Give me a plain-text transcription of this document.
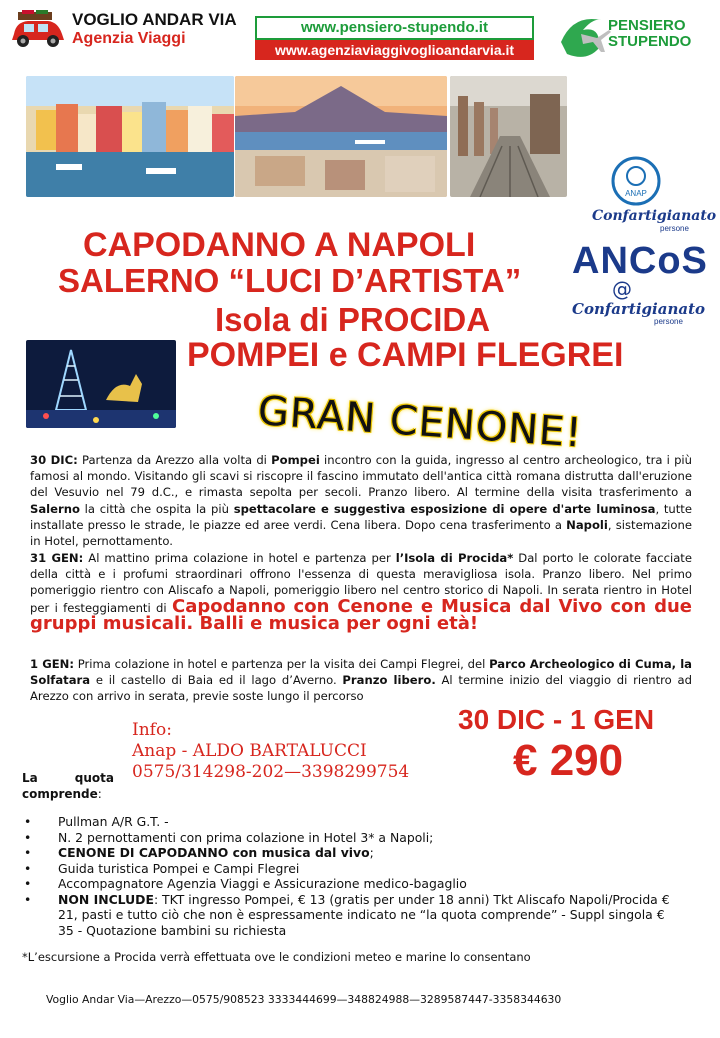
VOGLIO ANDAR VIA
Agenzia Viaggi
www.pensiero-stupendo.it
www.agenziaviaggivoglioandarvia.it
PENSIERO
STUPENDO
ANAP
Confartigianato
persone
ANCoS
@
Confartigianato
persone
CAPODANNO A NAPOLI
SALERNO “LUCI D’ARTISTA”
Isola di PROCIDA
POMPEI e CAMPI FLEGREI
GRAN CENONE!
30 DIC: Partenza da Arezzo alla volta di Pompei incontro con la guida, ingresso al centro archeologico, tra i più famosi al mondo. Visitando gli scavi si riscopre il fascino immutato dell'antica città romana distrutta dall'eruzione del Vesuvio nel 79 d.C., e rimasta sepolta per secoli. Pranzo libero. Al termine della visita trasferimento a Salerno la città che ospita la più spettacolare e suggestiva esposizione di opere d'arte luminosa, tutte installate presso le strade, le piazze ed aree verdi. Cena libera. Dopo cena trasferimento a Napoli, sistemazione in Hotel, pernottamento.
31 GEN: Al mattino prima colazione in hotel e partenza per l’Isola di Procida* Dal porto le colorate facciate della città e i profumi straordinari offrono l'essenza di questa meravigliosa isola. Pranzo libero. Nel primo pomeriggio rientro con Aliscafo a Napoli, pomeriggio libero nel centro storico di Napoli. In serata rientro in Hotel per i festeggiamenti di Capodanno con Cenone e Musica dal Vivo con due gruppi musicali. Balli e musica per ogni età!
1 GEN: Prima colazione in hotel e partenza per la visita dei Campi Flegrei, del Parco Archeologico di Cuma, la Solfatara e il castello di Baia ed il lago d’Averno. Pranzo libero. Al termine inizio del viaggio di rientro ad Arezzo con arrivo in serata, previe soste lungo il percorso
Info:
Anap - ALDO BARTALUCCI
0575/314298-202—3398299754
30 DIC - 1 GEN
€ 290
La	quota
comprende:
• Pullman A/R G.T. -
• N. 2 pernottamenti con prima colazione in Hotel 3* a Napoli;
• CENONE DI CAPODANNO con musica dal vivo;
• Guida turistica Pompei e Campi Flegrei
• Accompagnatore Agenzia Viaggi e Assicurazione medico-bagaglio
• NON INCLUDE: TKT ingresso Pompei, € 13 (gratis per under 18 anni) Tkt Aliscafo Napoli/Procida € 21, pasti e tutto ciò che non è espressamente indicato ne “la quota comprende” - Suppl singola € 35 - Quotazione bambini su richiesta
*L’escursione a Procida verrà effettuata ove le condizioni meteo e marine lo consentano
Voglio Andar Via—Arezzo—0575/908523 3333444699—348824988—3289587447-3358344630
